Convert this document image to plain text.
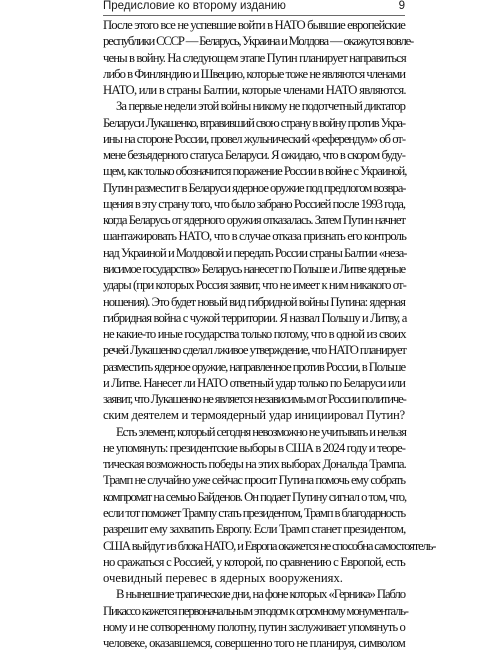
Предисловие ко второму изданию	9
После этого все не успевшие войти в НАТО бывшие европейские
республики СССР — Беларусь, Украина и Молдова — окажутся вовле-
чены в войну. На следующем этапе Путин планирует направиться
либо в Финляндию и Швецию, которые тоже не являются членами
НАТО, или в страны Балтии, которые членами НАТО являются.
За первые недели этой войны никому не подотчетный диктатор
Беларуси Лукашенко, втравивший свою страну в войну против Укра-
ины на стороне России, провел жульнический «референдум» об от-
мене безъядерного статуса Беларуси. Я ожидаю, что в скором буду-
щем, как только обозначится поражение России в войне с Украиной,
Путин разместит в Беларуси ядерное оружие под предлогом возвра-
щения в эту страну того, что было забрано Россией после 1993 года,
когда Беларусь от ядерного оружия отказалась. Затем Путин начнет
шантажировать НАТО, что в случае отказа признать его контроль
над Украиной и Молдовой и передать России страны Балтии «неза-
висимое государство» Беларусь нанесет по Польше и Литве ядерные
удары (при которых Россия заявит, что не имеет к ним никакого от-
ношения). Это будет новый вид гибридной войны Путина: ядерная
гибридная война с чужой территории. Я назвал Польшу и Литву, а
не какие-то иные государства только потому, что в одной из своих
речей Лукашенко сделал лживое утверждение, что НАТО планирует
разместить ядерное оружие, направленное против России, в Польше
и Литве. Нанесет ли НАТО ответный удар только по Беларуси или
заявит, что Лукашенко не является независимым от России политиче-
ским деятелем и термоядерный удар инициировал Путин?
Есть элемент, который сегодня невозможно не учитывать и нельзя
не упомянуть: президентские выборы в США в 2024 году и теоре-
тическая возможность победы на этих выборах Дональда Трампа.
Трамп не случайно уже сейчас просит Путина помочь ему собрать
компромат на семью Байденов. Он подает Путину сигнал о том, что,
если тот поможет Трампу стать президентом, Трамп в благодарность
разрешит ему захватить Европу. Если Трамп станет президентом,
США выйдут из блока НАТО, и Европа окажется не способна самостоятель-
но сражаться с Россией, у которой, по сравнению с Европой, есть
очевидный перевес в ядерных вооружениях.
В нынешние трагические дни, на фоне которых «Герника» Пабло
Пикассо кажется первоначальным этюдом к огромному монументаль-
ному и не сотворенному полотну, путин заслуживает упомянуть о
человеке, оказавшемся, совершенно того не планируя, символом
